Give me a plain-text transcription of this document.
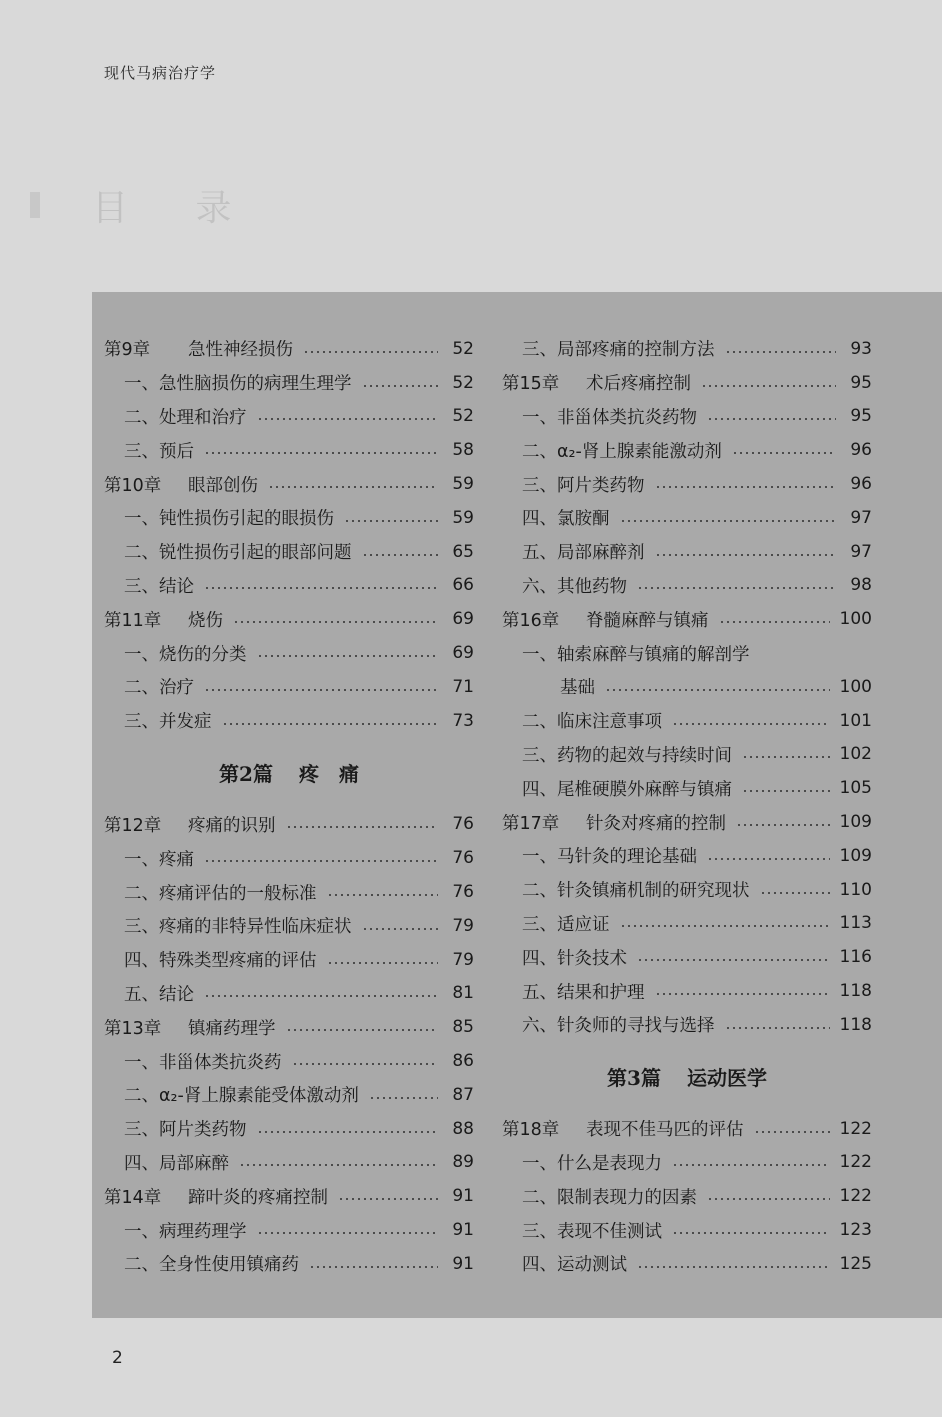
现代马病治疗学
目 录
第9章 急性神经损伤	52
一、急性脑损伤的病理生理学	52
二、处理和治疗	52
三、预后	58
第10章 眼部创伤	59
一、钝性损伤引起的眼损伤	59
二、锐性损伤引起的眼部问题	65
三、结论	66
第11章 烧伤	69
一、烧伤的分类	69
二、治疗	71
三、并发症	73
第2篇 疼　痛
第12章 疼痛的识别	76
一、疼痛	76
二、疼痛评估的一般标准	76
三、疼痛的非特异性临床症状	79
四、特殊类型疼痛的评估	79
五、结论	81
第13章 镇痛药理学	85
一、非甾体类抗炎药	86
二、α₂-肾上腺素能受体激动剂	87
三、阿片类药物	88
四、局部麻醉	89
第14章 蹄叶炎的疼痛控制	91
一、病理药理学	91
二、全身性使用镇痛药	91
三、局部疼痛的控制方法	93
第15章 术后疼痛控制	95
一、非甾体类抗炎药物	95
二、α₂-肾上腺素能激动剂	96
三、阿片类药物	96
四、氯胺酮	97
五、局部麻醉剂	97
六、其他药物	98
第16章 脊髓麻醉与镇痛	100
一、轴索麻醉与镇痛的解剖学
基础	100
二、临床注意事项	101
三、药物的起效与持续时间	102
四、尾椎硬膜外麻醉与镇痛	105
第17章 针灸对疼痛的控制	109
一、马针灸的理论基础	109
二、针灸镇痛机制的研究现状	110
三、适应证	113
四、针灸技术	116
五、结果和护理	118
六、针灸师的寻找与选择	118
第3篇 运动医学
第18章 表现不佳马匹的评估	122
一、什么是表现力	122
二、限制表现力的因素	122
三、表现不佳测试	123
四、运动测试	125
2
